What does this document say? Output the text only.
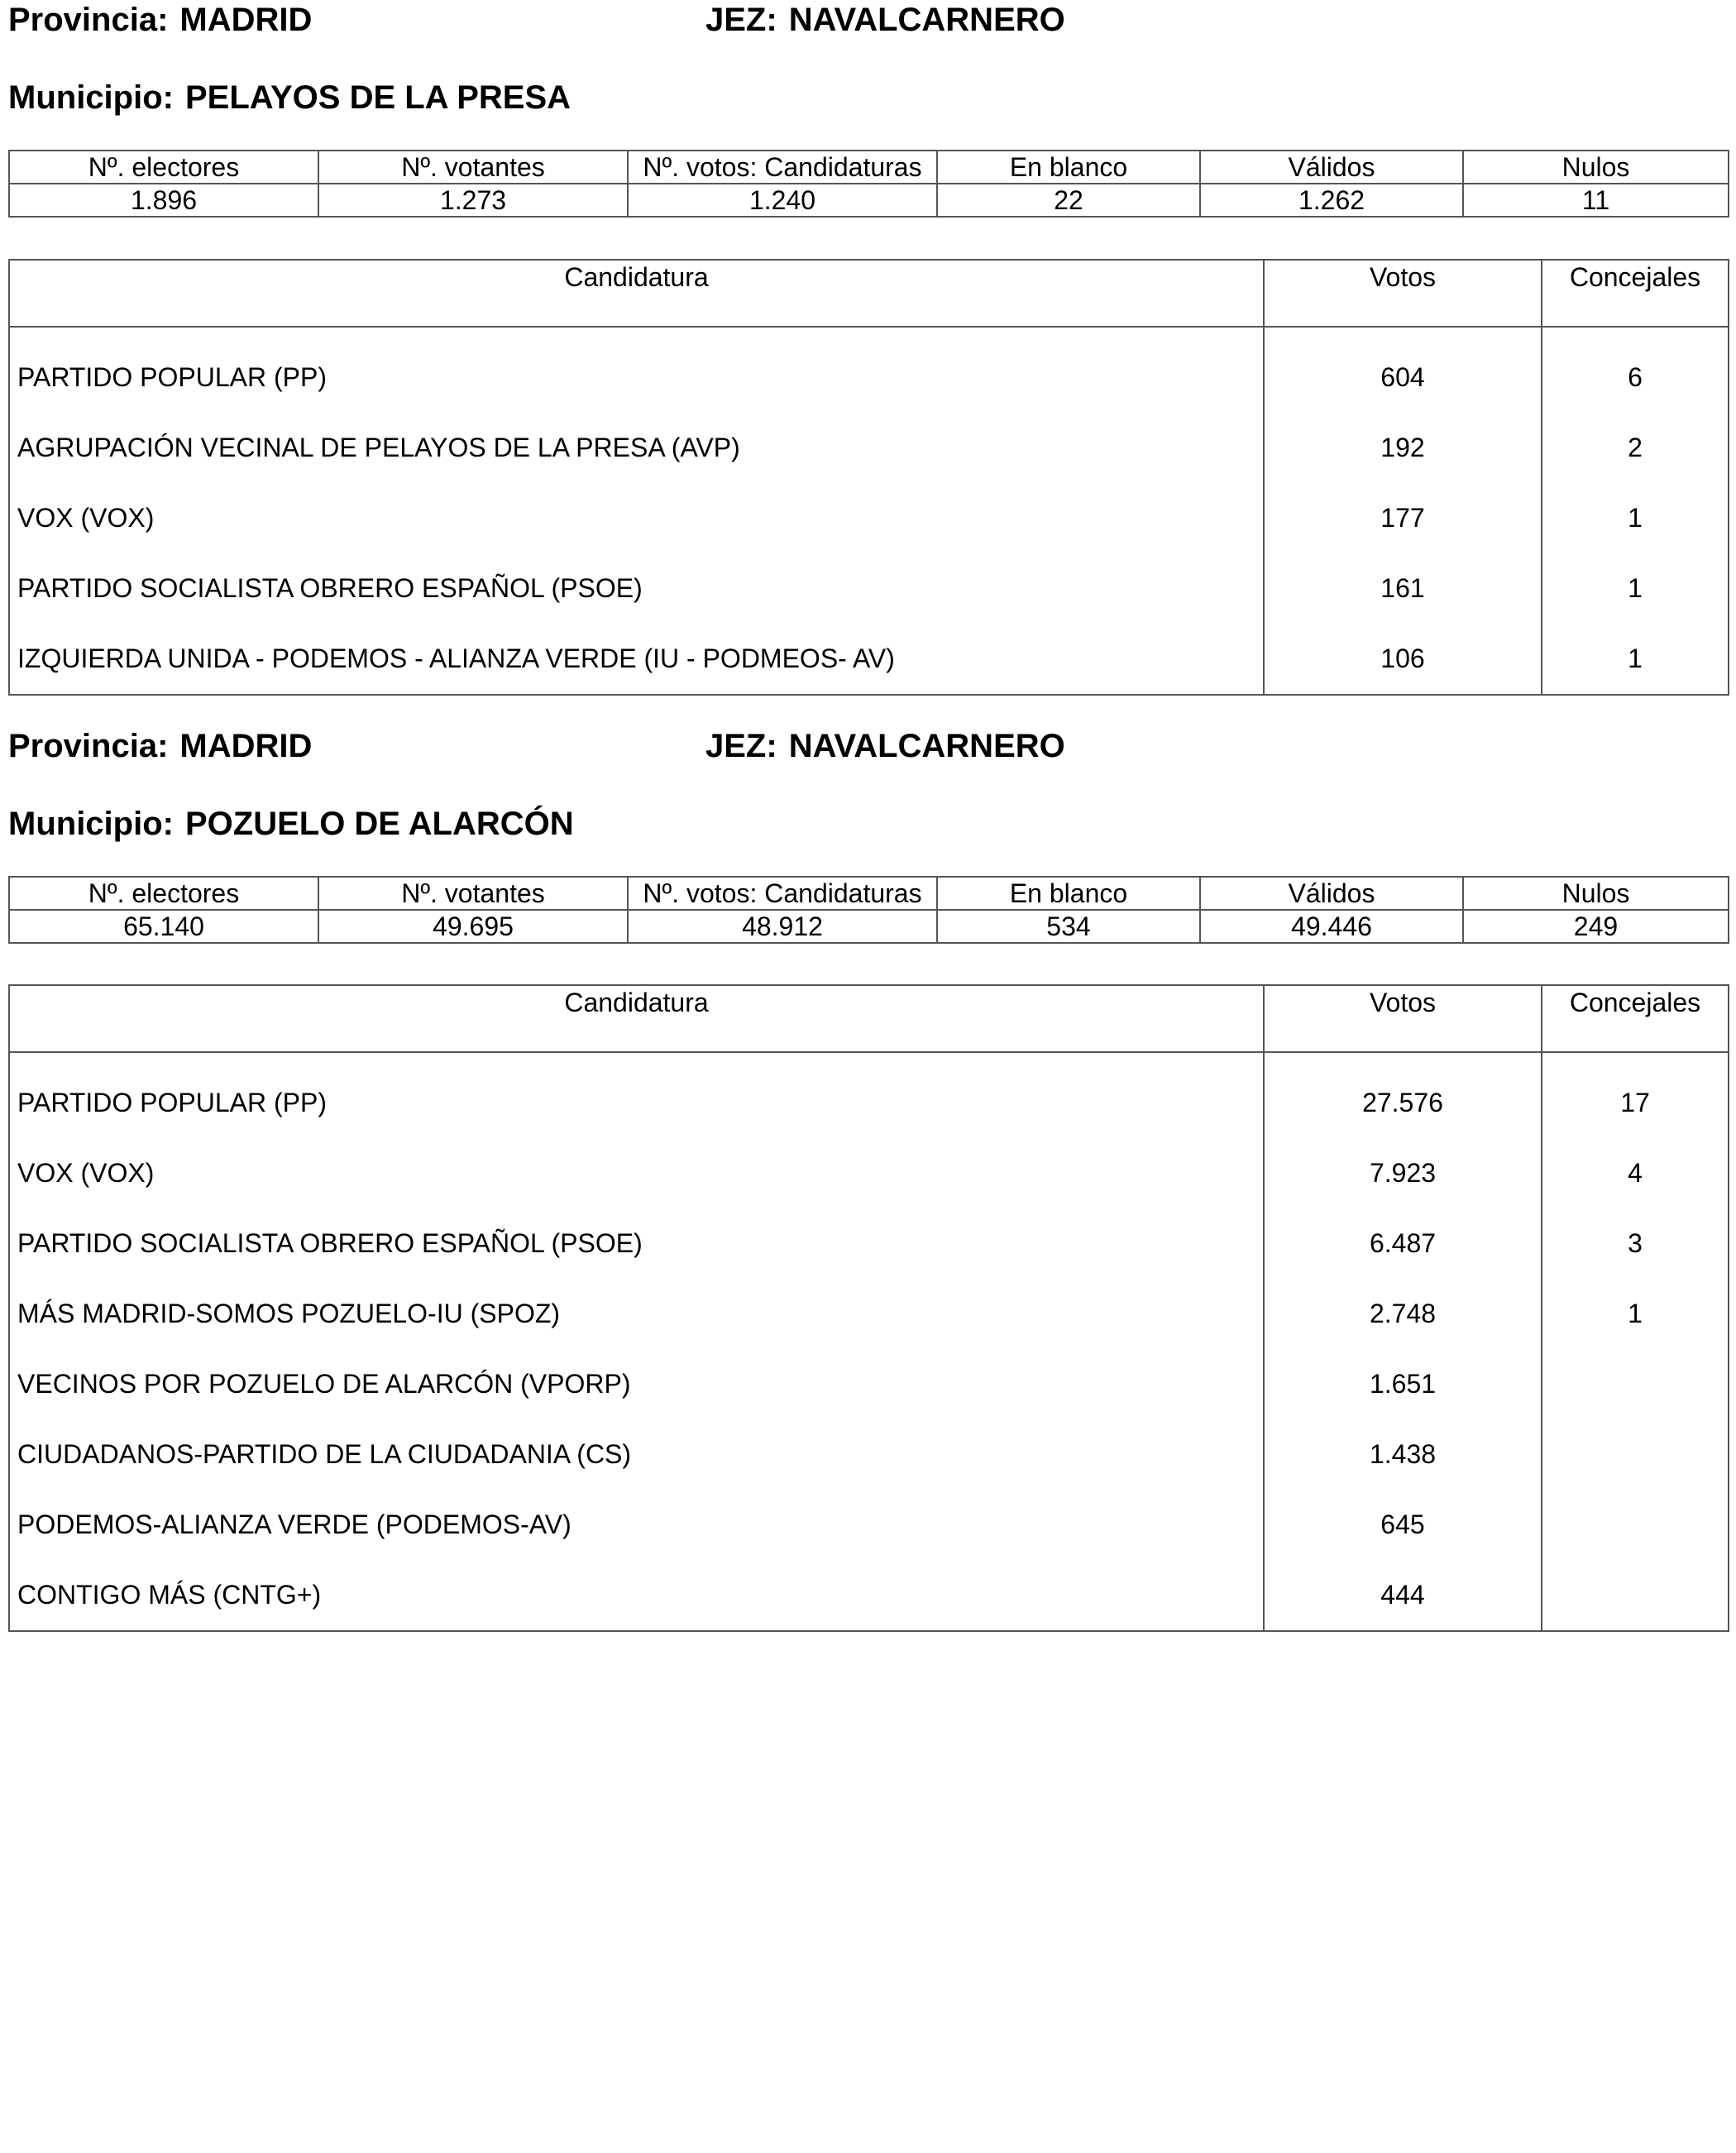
Provincia: MADRID	JEZ: NAVALCARNERO
Municipio: PELAYOS DE LA PRESA
Nº. electores	Nº. votantes	Nº. votos: Candidaturas	En blanco	Válidos	Nulos
1.896	1.273	1.240	22	1.262	11
Candidatura	Votos	Concejales
PARTIDO POPULAR (PP)	604	6
AGRUPACIÓN VECINAL DE PELAYOS DE LA PRESA (AVP)	192	2
VOX (VOX)	177	1
PARTIDO SOCIALISTA OBRERO ESPAÑOL (PSOE)	161	1
IZQUIERDA UNIDA - PODEMOS - ALIANZA VERDE (IU - PODMEOS- AV)	106	1
Provincia: MADRID	JEZ: NAVALCARNERO
Municipio: POZUELO DE ALARCÓN
Nº. electores	Nº. votantes	Nº. votos: Candidaturas	En blanco	Válidos	Nulos
65.140	49.695	48.912	534	49.446	249
Candidatura	Votos	Concejales
PARTIDO POPULAR (PP)	27.576	17
VOX (VOX)	7.923	4
PARTIDO SOCIALISTA OBRERO ESPAÑOL (PSOE)	6.487	3
MÁS MADRID-SOMOS POZUELO-IU (SPOZ)	2.748	1
VECINOS POR POZUELO DE ALARCÓN (VPORP)	1.651	
CIUDADANOS-PARTIDO DE LA CIUDADANIA (CS)	1.438	
PODEMOS-ALIANZA VERDE (PODEMOS-AV)	645	
CONTIGO MÁS (CNTG+)	444	
